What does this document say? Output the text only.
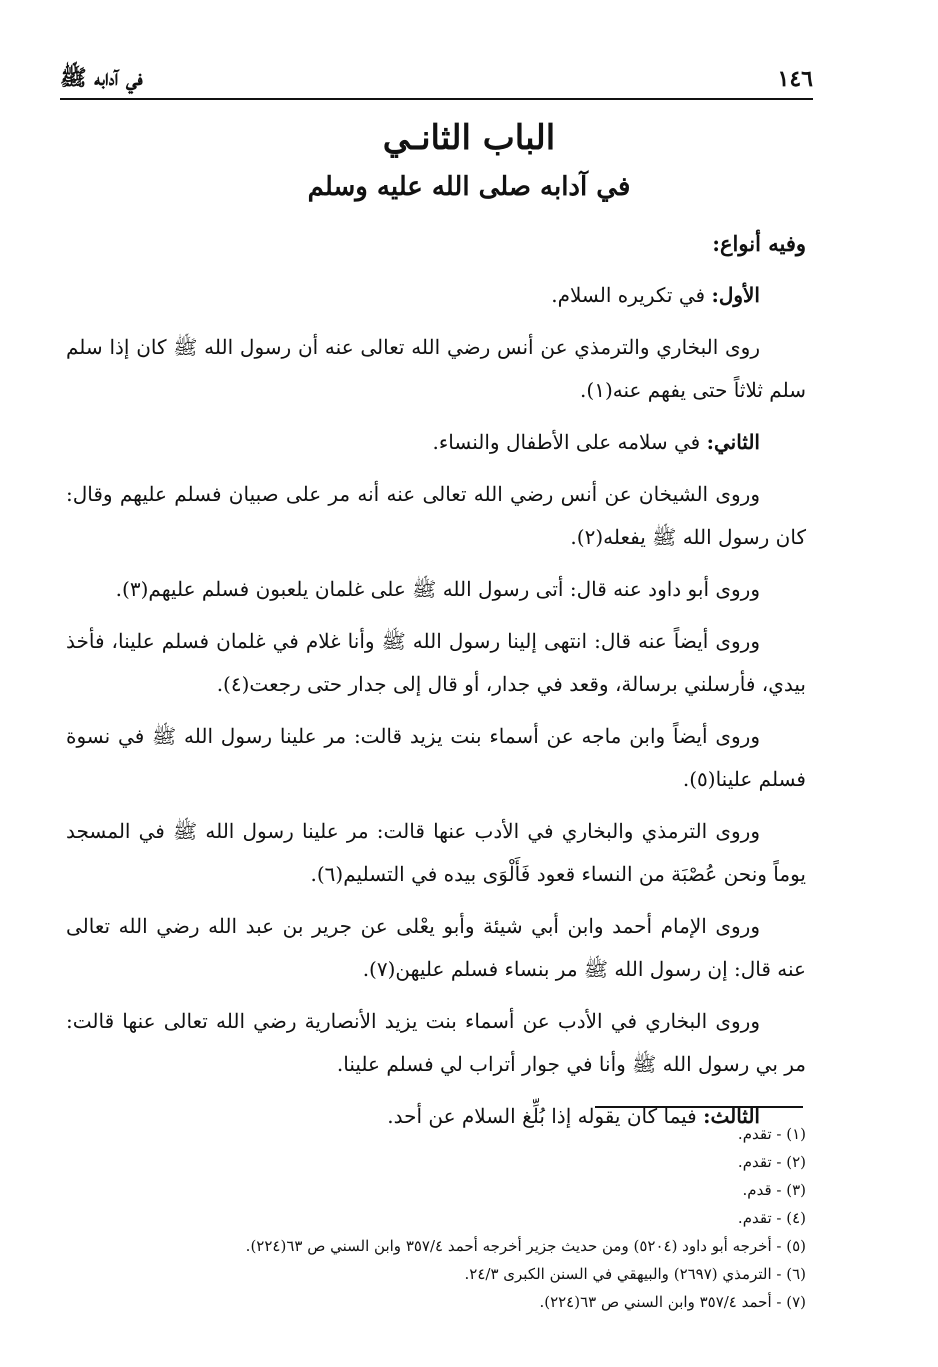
١٤٦
في آدابه ﷺ
الباب الثانـي
في آدابه صلى الله عليه وسلم

وفيه أنواع:

الأول: في تكريره السلام.

روى البخاري والترمذي عن أنس رضي الله تعالى عنه أن رسول الله ﷺ كان إذا سلم سلم ثلاثاً حتى يفهم عنه(١).

الثاني: في سلامه على الأطفال والنساء.

وروى الشيخان عن أنس رضي الله تعالى عنه أنه مر على صبيان فسلم عليهم وقال: كان رسول الله ﷺ يفعله(٢).

وروى أبو داود عنه قال: أتى رسول الله ﷺ على غلمان يلعبون فسلم عليهم(٣).

وروى أيضاً عنه قال: انتهى إلينا رسول الله ﷺ وأنا غلام في غلمان فسلم علينا، فأخذ بيدي، فأرسلني برسالة، وقعد في جدار، أو قال إلى جدار حتى رجعت(٤).

وروى أيضاً وابن ماجه عن أسماء بنت يزيد قالت: مر علينا رسول الله ﷺ في نسوة فسلم علينا(٥).

وروى الترمذي والبخاري في الأدب عنها قالت: مر علينا رسول الله ﷺ في المسجد يوماً ونحن عُصْبَة من النساء قعود فَأَلْوَى بيده في التسليم(٦).

وروى الإمام أحمد وابن أبي شيئة وأبو يعْلى عن جرير بن عبد الله رضي الله تعالى عنه قال: إن رسول الله ﷺ مر بنساء فسلم عليهن(٧).

وروى البخاري في الأدب عن أسماء بنت يزيد الأنصارية رضي الله تعالى عنها قالت: مر بي رسول الله ﷺ وأنا في جوار أتراب لي فسلم علينا.

الثالث: فيما كان يقوله إذا بُلِّغ السلام عن أحد.

(١) - تقدم.
(٢) - تقدم.
(٣) - قدم.
(٤) - تقدم.
(٥) - أخرجه أبو داود (٥٢٠٤) ومن حديث جزير أخرجه أحمد ٣٥٧/٤ وابن السني ص ٦٣(٢٢٤).
(٦) - الترمذي (٢٦٩٧) والبيهقي في السنن الكبرى ٢٤/٣.
(٧) - أحمد ٣٥٧/٤ وابن السني ص ٦٣(٢٢٤).
